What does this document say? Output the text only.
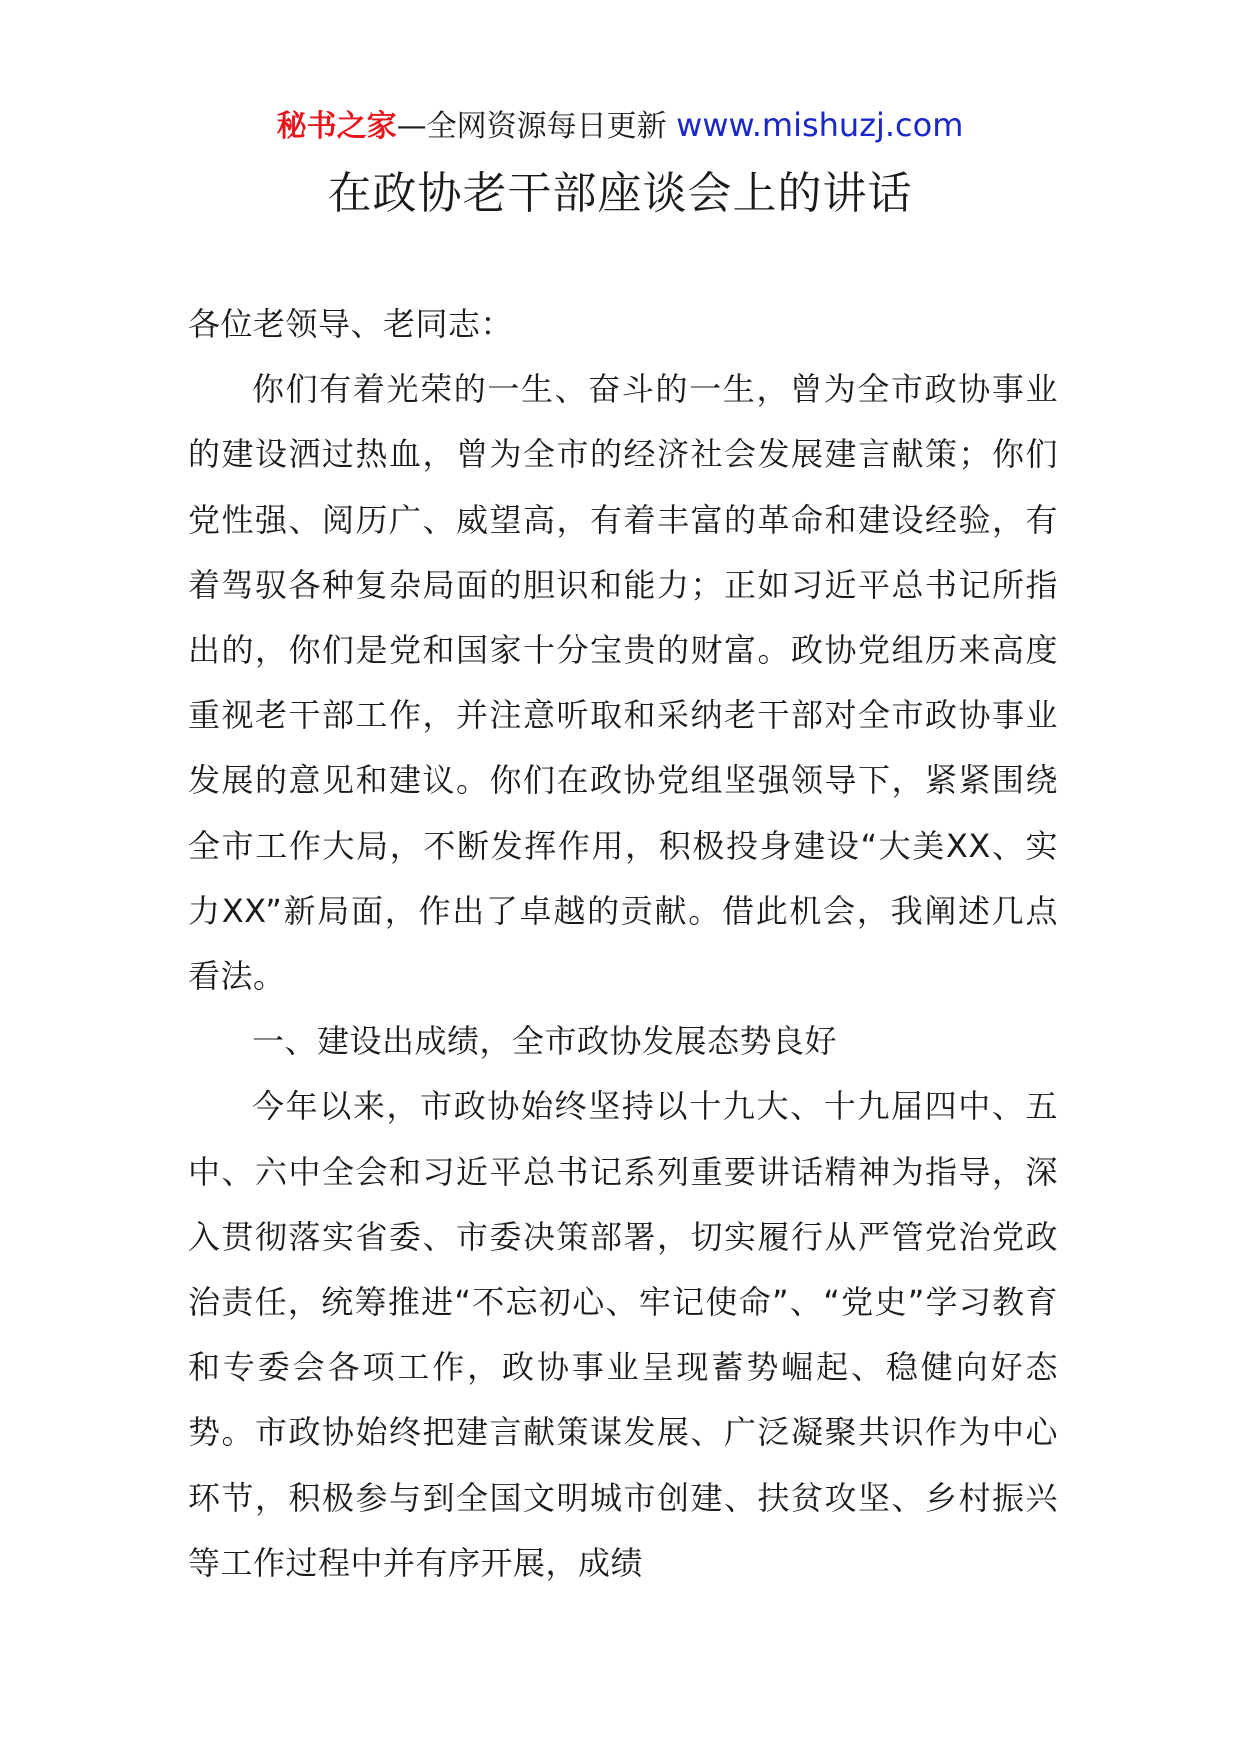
秘书之家—全网资源每日更新 www.mishuzj.com
在政协老干部座谈会上的讲话

各位老领导、老同志：

你们有着光荣的一生、奋斗的一生，曾为全市政协事业的建设洒过热血，曾为全市的经济社会发展建言献策；你们党性强、阅历广、威望高，有着丰富的革命和建设经验，有着驾驭各种复杂局面的胆识和能力；正如习近平总书记所指出的，你们是党和国家十分宝贵的财富。政协党组历来高度重视老干部工作，并注意听取和采纳老干部对全市政协事业发展的意见和建议。你们在政协党组坚强领导下，紧紧围绕全市工作大局，不断发挥作用，积极投身建设“大美XX、实力XX”新局面，作出了卓越的贡献。借此机会，我阐述几点看法。

一、建设出成绩，全市政协发展态势良好

今年以来，市政协始终坚持以十九大、十九届四中、五中、六中全会和习近平总书记系列重要讲话精神为指导，深入贯彻落实省委、市委决策部署，切实履行从严管党治党政治责任，统筹推进“不忘初心、牢记使命”、“党史”学习教育和专委会各项工作，政协事业呈现蓄势崛起、稳健向好态势。市政协始终把建言献策谋发展、广泛凝聚共识作为中心环节，积极参与到全国文明城市创建、扶贫攻坚、乡村振兴等工作过程中并有序开展，成绩
